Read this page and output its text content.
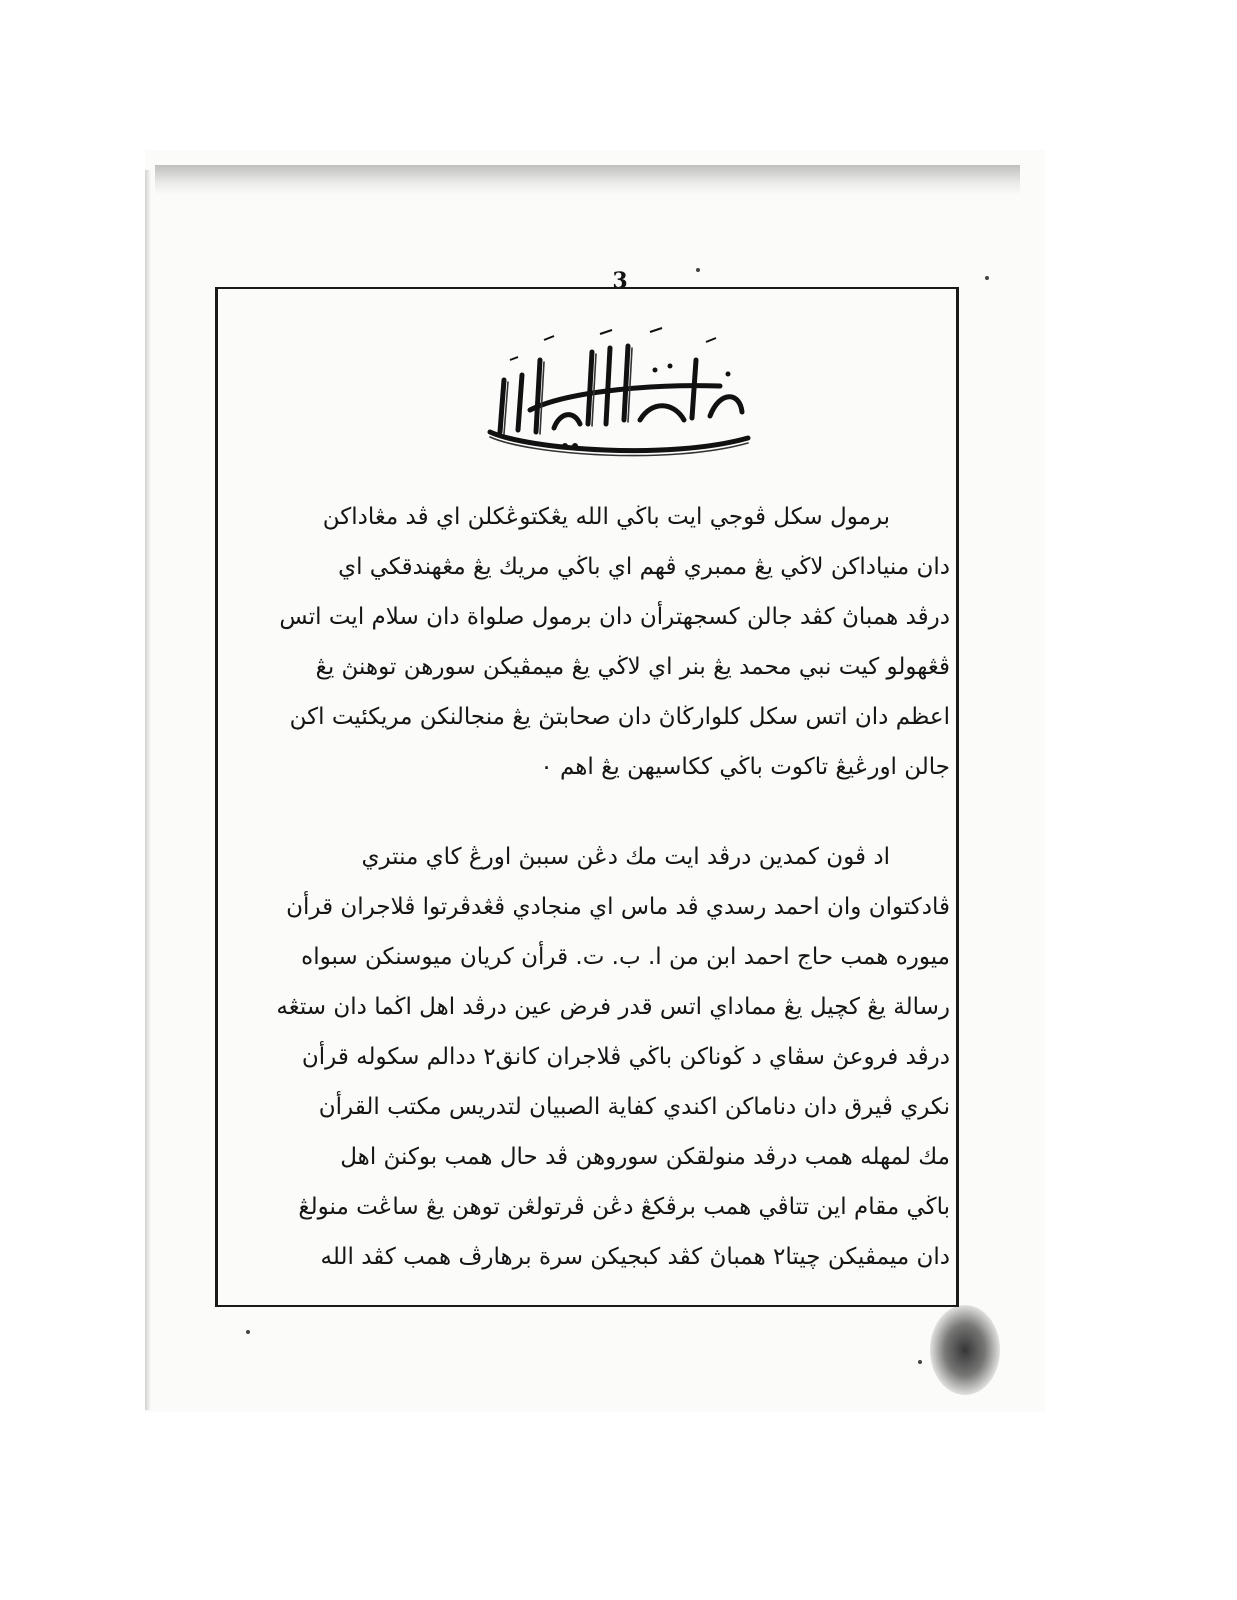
3
برمول سكل ڤوجي ايت باڬي الله يڠكتوڠكلن اي ڤد مڠاداكن
دان منياداكن لاڬي يڠ ممبري ڤهم اي باڬي مريك يڠ مڠهندقكي اي
درڤد همباڽ كڤد جالن كسجهترأن دان برمول صلواة دان سلام ايت اتس
ڤڠهولو كيت نبي محمد يڠ بنر اي لاڬي يڠ ميمڤيكن سورهن توهنڽ يڠ
اعظم دان اتس سكل كلوارڬاڽ دان صحابتڽ يڠ منجالنكن مريكئيت اكن
جالن اورڠيڠ تاكوت باڬي ككاسيهن يڠ اهم ٠
اد ڤون كمدين درڤد ايت مك دڠن سببڽ اورڠ كاي منتري
ڤادكتوان وان احمد رسدي ڤد ماس اي منجادي ڤڠدڤرتوا ڤلاجران قرأن
ميوره همب حاج احمد ابن من ا. ب. ت. قرأن كريان ميوسنكن سبواه
رسالة يڠ كچيل يڠ مماداي اتس قدر فرض عين درڤد اهل اڬما دان ستڠه
درڤد فروعڽ سڤاي د ڬوناكن باڬي ڤلاجران كانق٢ ددالم سكوله قرأن
نكري ڤيرق دان دناماكن اكندي كفاية الصبيان لتدريس مكتب القرأن
مك لمهله همب درڤد منولقكن سوروهن ڤد حال همب بوكنڽ اهل
باڬي مقام اين تتاڤي همب برڤكڠ دڠن ڤرتولڠن توهن يڠ ساڠت منولڠ
دان ميمڤيكن چيتا٢ همباڽ كڤد كبجيكن سرة برهارڤ همب كڤد الله
